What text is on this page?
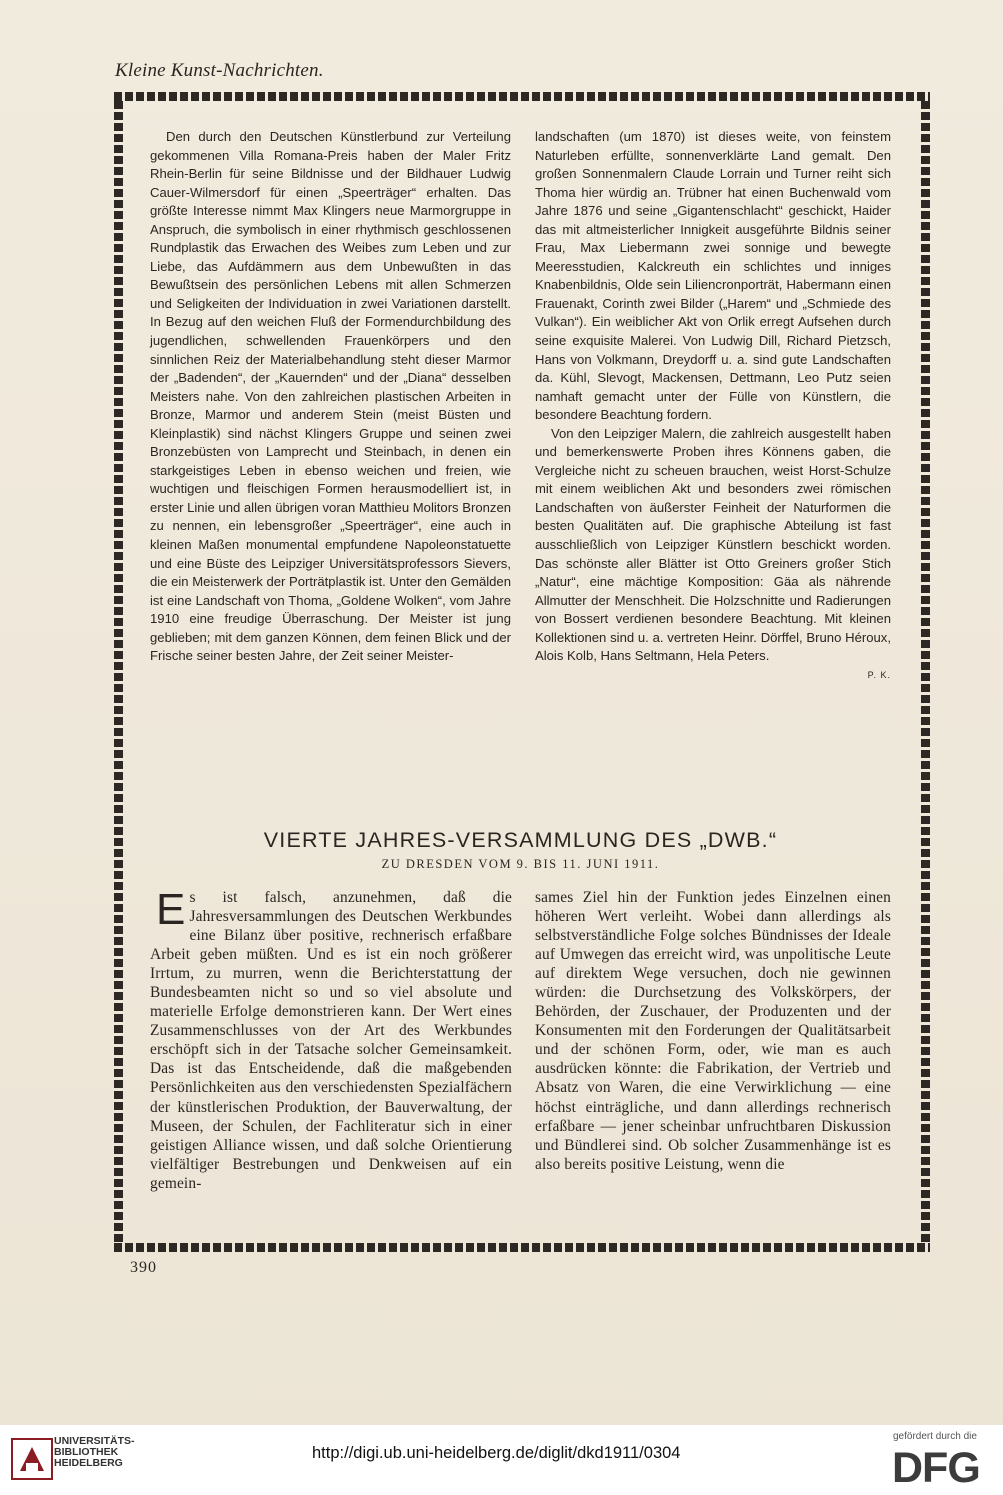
Kleine Kunst-Nachrichten.

Den durch den Deutschen Künstlerbund zur Verteilung gekommenen Villa Romana-Preis haben der Maler Fritz Rhein-Berlin für seine Bildnisse und der Bildhauer Ludwig Cauer-Wilmersdorf für einen „Speerträger“ erhalten. Das größte Interesse nimmt Max Klingers neue Marmorgruppe in Anspruch, die symbolisch in einer rhythmisch geschlossenen Rundplastik das Erwachen des Weibes zum Leben und zur Liebe, das Aufdämmern aus dem Unbewußten in das Bewußtsein des persönlichen Lebens mit allen Schmerzen und Seligkeiten der Individuation in zwei Variationen darstellt. In Bezug auf den weichen Fluß der Formendurchbildung des jugendlichen, schwellenden Frauenkörpers und den sinnlichen Reiz der Materialbehandlung steht dieser Marmor der „Badenden“, der „Kauernden“ und der „Diana“ desselben Meisters nahe. Von den zahlreichen plastischen Arbeiten in Bronze, Marmor und anderem Stein (meist Büsten und Kleinplastik) sind nächst Klingers Gruppe und seinen zwei Bronzebüsten von Lamprecht und Steinbach, in denen ein starkgeistiges Leben in ebenso weichen und freien, wie wuchtigen und fleischigen Formen herausmodelliert ist, in erster Linie und allen übrigen voran Matthieu Molitors Bronzen zu nennen, ein lebensgroßer „Speerträger“, eine auch in kleinen Maßen monumental empfundene Napoleonstatuette und eine Büste des Leipziger Universitätsprofessors Sievers, die ein Meisterwerk der Porträtplastik ist. Unter den Gemälden ist eine Landschaft von Thoma, „Goldene Wolken“, vom Jahre 1910 eine freudige Überraschung. Der Meister ist jung geblieben; mit dem ganzen Können, dem feinen Blick und der Frische seiner besten Jahre, der Zeit seiner Meister-

landschaften (um 1870) ist dieses weite, von feinstem Naturleben erfüllte, sonnenverklärte Land gemalt. Den großen Sonnenmalern Claude Lorrain und Turner reiht sich Thoma hier würdig an. Trübner hat einen Buchenwald vom Jahre 1876 und seine „Gigantenschlacht“ geschickt, Haider das mit altmeisterlicher Innigkeit ausgeführte Bildnis seiner Frau, Max Liebermann zwei sonnige und bewegte Meeresstudien, Kalckreuth ein schlichtes und inniges Knabenbildnis, Olde sein Liliencronporträt, Habermann einen Frauenakt, Corinth zwei Bilder („Harem“ und „Schmiede des Vulkan“). Ein weiblicher Akt von Orlik erregt Aufsehen durch seine exquisite Malerei. Von Ludwig Dill, Richard Pietzsch, Hans von Volkmann, Dreydorff u. a. sind gute Landschaften da. Kühl, Slevogt, Mackensen, Dettmann, Leo Putz seien namhaft gemacht unter der Fülle von Künstlern, die besondere Beachtung fordern.

Von den Leipziger Malern, die zahlreich ausgestellt haben und bemerkenswerte Proben ihres Könnens gaben, die Vergleiche nicht zu scheuen brauchen, weist Horst-Schulze mit einem weiblichen Akt und besonders zwei römischen Landschaften von äußerster Feinheit der Naturformen die besten Qualitäten auf. Die graphische Abteilung ist fast ausschließlich von Leipziger Künstlern beschickt worden. Das schönste aller Blätter ist Otto Greiners großer Stich „Natur“, eine mächtige Komposition: Gäa als nährende Allmutter der Menschheit. Die Holzschnitte und Radierungen von Bossert verdienen besondere Beachtung. Mit kleinen Kollektionen sind u. a. vertreten Heinr. Dörffel, Bruno Héroux, Alois Kolb, Hans Seltmann, Hela Peters.

P. K.
VIERTE JAHRES-VERSAMMLUNG DES „DWB.“
ZU DRESDEN VOM 9. BIS 11. JUNI 1911.

Es ist falsch, anzunehmen, daß die Jahresversammlungen des Deutschen Werkbundes eine Bilanz über positive, rechnerisch erfaßbare Arbeit geben müßten. Und es ist ein noch größerer Irrtum, zu murren, wenn die Berichterstattung der Bundesbeamten nicht so und so viel absolute und materielle Erfolge demonstrieren kann. Der Wert eines Zusammenschlusses von der Art des Werkbundes erschöpft sich in der Tatsache solcher Gemeinsamkeit. Das ist das Entscheidende, daß die maßgebenden Persönlichkeiten aus den verschiedensten Spezialfächern der künstlerischen Produktion, der Bauverwaltung, der Museen, der Schulen, der Fachliteratur sich in einer geistigen Alliance wissen, und daß solche Orientierung vielfältiger Bestrebungen und Denkweisen auf ein gemein-

sames Ziel hin der Funktion jedes Einzelnen einen höheren Wert verleiht. Wobei dann allerdings als selbstverständliche Folge solches Bündnisses der Ideale auf Umwegen das erreicht wird, was unpolitische Leute auf direktem Wege versuchen, doch nie gewinnen würden: die Durchsetzung des Volkskörpers, der Behörden, der Zuschauer, der Produzenten und der Konsumenten mit den Forderungen der Qualitätsarbeit und der schönen Form, oder, wie man es auch ausdrücken könnte: die Fabrikation, der Vertrieb und Absatz von Waren, die eine Verwirklichung — eine höchst einträgliche, und dann allerdings rechnerisch erfaßbare — jener scheinbar unfruchtbaren Diskussion und Bündlerei sind. Ob solcher Zusammenhänge ist es also bereits positive Leistung, wenn die

390
UNIVERSITÄTS-
BIBLIOTHEK
HEIDELBERG
http://digi.ub.uni-heidelberg.de/diglit/dkd1911/0304
gefördert durch die
DFG
